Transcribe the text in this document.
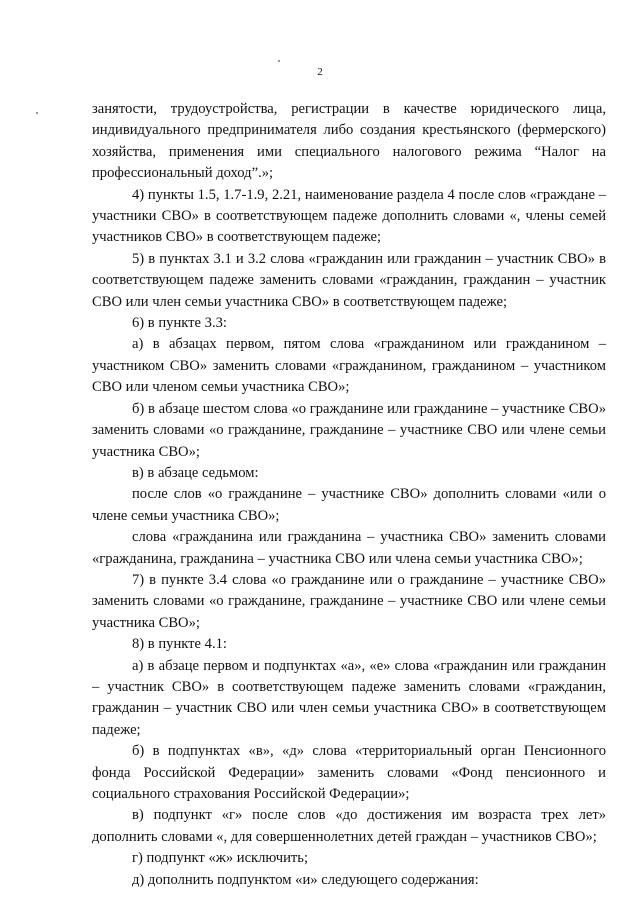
2

занятости, трудоустройства, регистрации в качестве юридического лица, индивидуального предпринимателя либо создания крестьянского (фермерского) хозяйства, применения ими специального налогового режима “Налог на профессиональный доход”.»;

4) пункты 1.5, 1.7-1.9, 2.21, наименование раздела 4 после слов «граждане – участники СВО» в соответствующем падеже дополнить словами «, члены семей участников СВО» в соответствующем падеже;

5) в пунктах 3.1 и 3.2 слова «гражданин или гражданин – участник СВО» в соответствующем падеже заменить словами «гражданин, гражданин – участник СВО или член семьи участника СВО» в соответствующем падеже;

6) в пункте 3.3:

а) в абзацах первом, пятом слова «гражданином или гражданином – участником СВО» заменить словами «гражданином, гражданином – участником СВО или членом семьи участника СВО»;

б) в абзаце шестом слова «о гражданине или гражданине – участнике СВО» заменить словами «о гражданине, гражданине – участнике СВО или члене семьи участника СВО»;

в) в абзаце седьмом:

после слов «о гражданине – участнике СВО» дополнить словами «или о члене семьи участника СВО»;

слова «гражданина или гражданина – участника СВО» заменить словами «гражданина, гражданина – участника СВО или члена семьи участника СВО»;

7) в пункте 3.4 слова «о гражданине или о гражданине – участнике СВО» заменить словами «о гражданине, гражданине – участнике СВО или члене семьи участника СВО»;

8) в пункте 4.1:

а) в абзаце первом и подпунктах «а», «е» слова «гражданин или гражданин – участник СВО» в соответствующем падеже заменить словами «гражданин, гражданин – участник СВО или член семьи участника СВО» в соответствующем падеже;

б) в подпунктах «в», «д» слова «территориальный орган Пенсионного фонда Российской Федерации» заменить словами «Фонд пенсионного и социального страхования Российской Федерации»;

в) подпункт «г» после слов «до достижения им возраста трех лет» дополнить словами «, для совершеннолетних детей граждан – участников СВО»;

г) подпункт «ж» исключить;

д) дополнить подпунктом «и» следующего содержания:
